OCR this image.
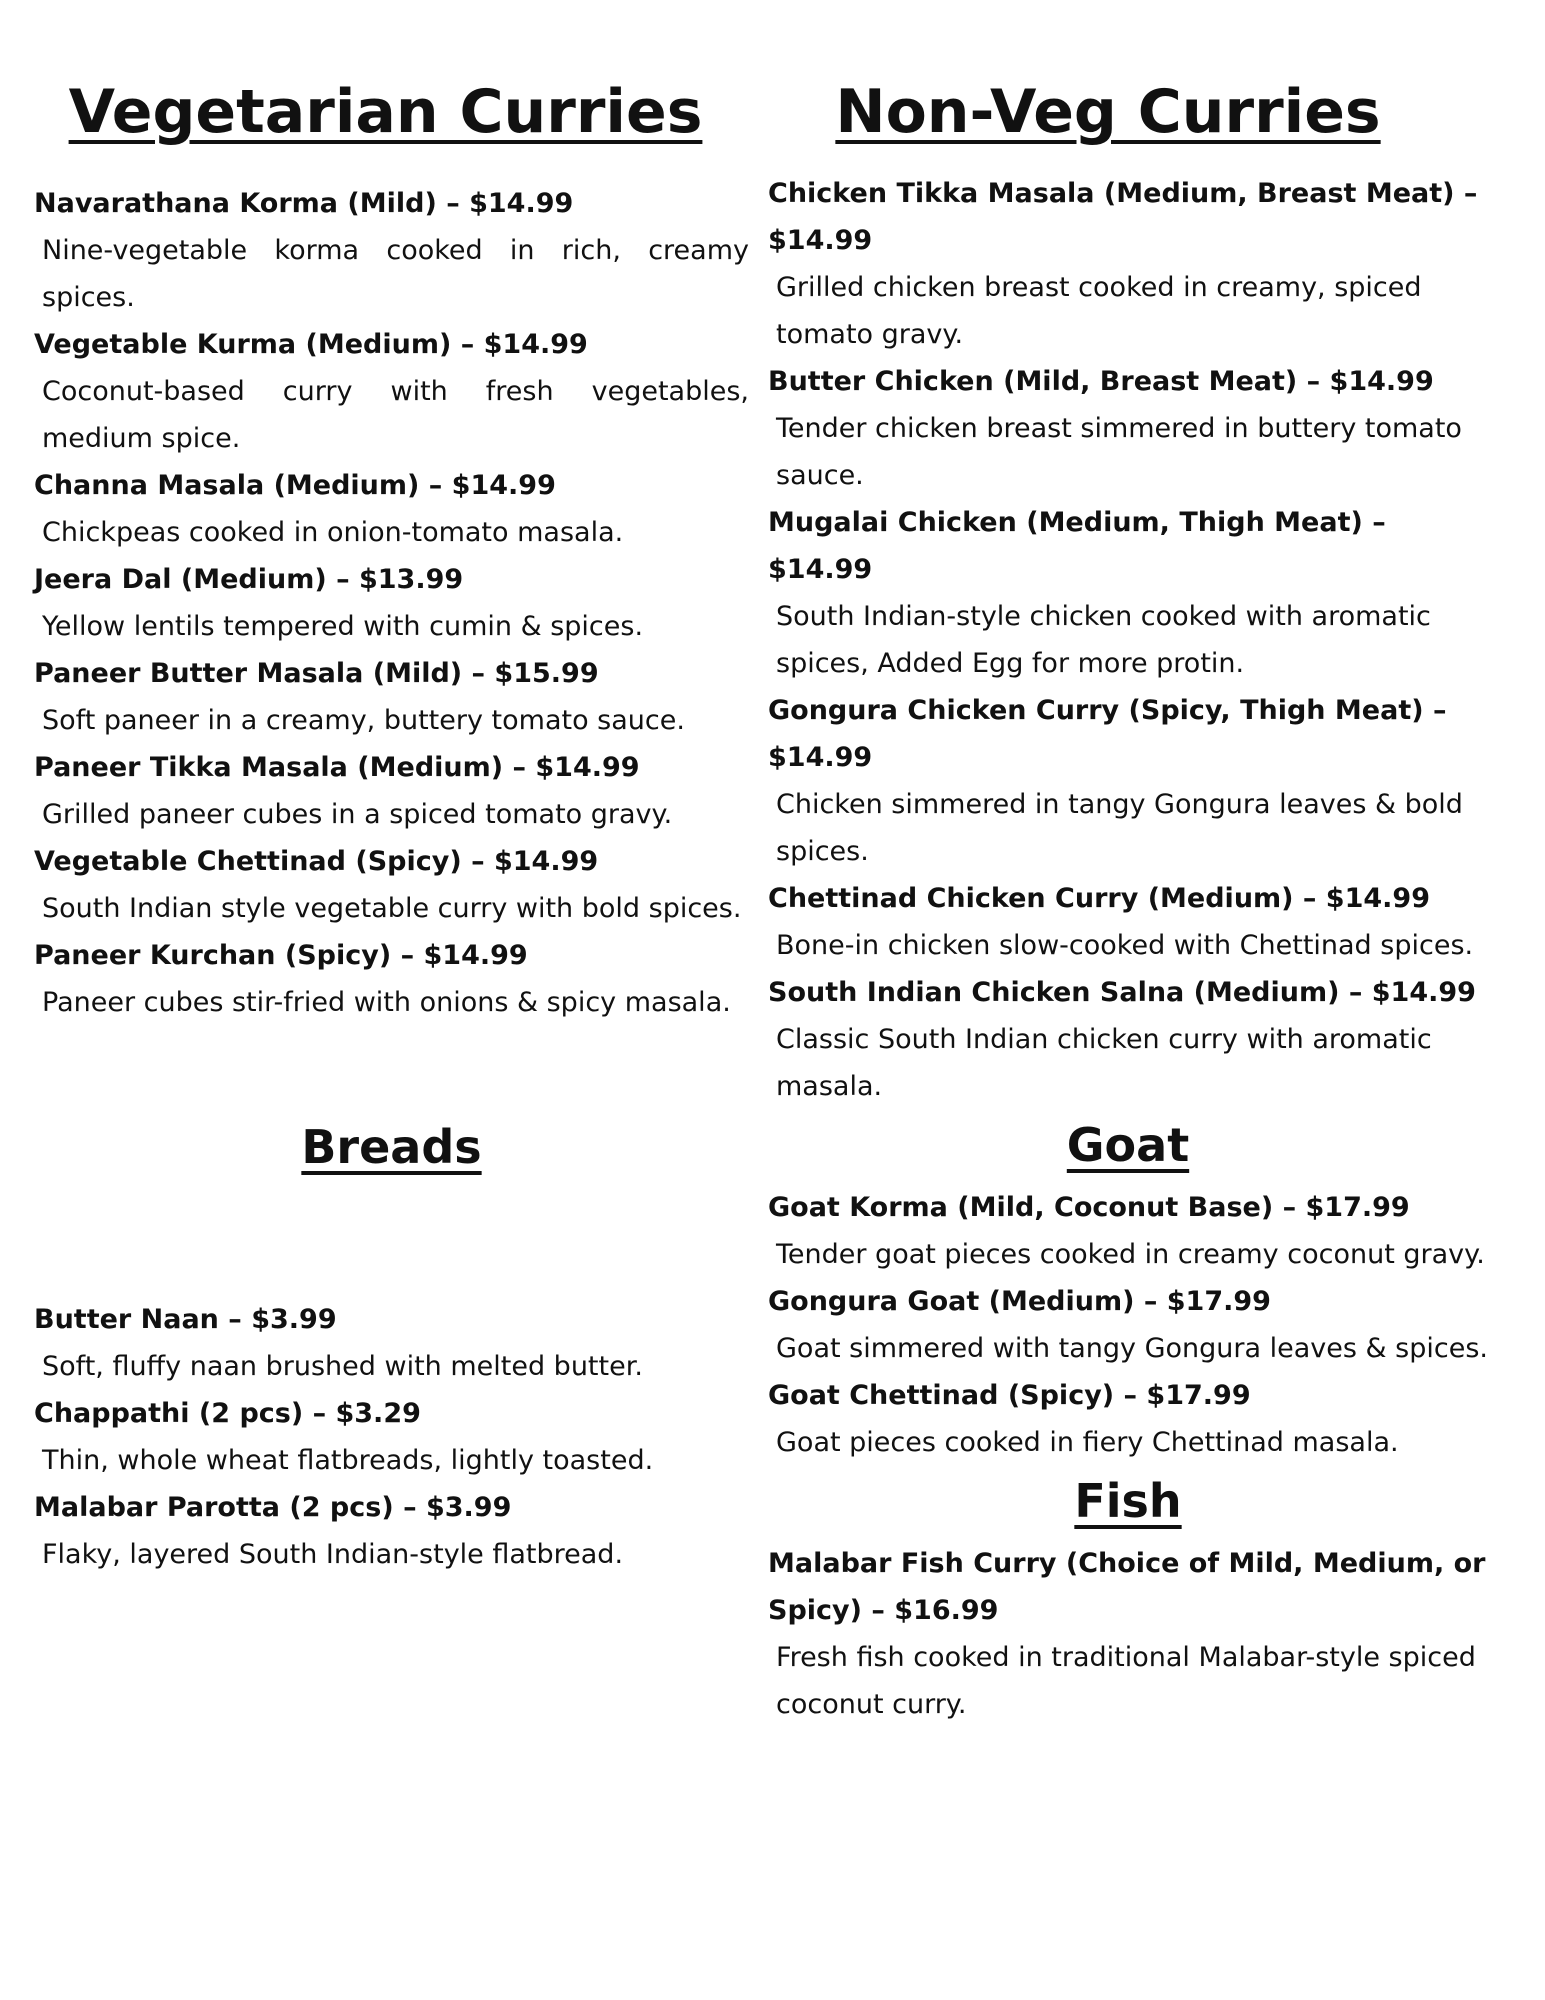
Vegetarian Curries

Navarathana Korma (Mild) – $14.99

Nine-vegetable korma cooked in rich, creamy spices.

Vegetable Kurma (Medium) – $14.99

Coconut-based curry with fresh vegetables, medium spice.

Channa Masala (Medium) – $14.99

Chickpeas cooked in onion-tomato masala.

Jeera Dal (Medium) – $13.99

Yellow lentils tempered with cumin & spices.

Paneer Butter Masala (Mild) – $15.99

Soft paneer in a creamy, buttery tomato sauce.

Paneer Tikka Masala (Medium) – $14.99

Grilled paneer cubes in a spiced tomato gravy.

Vegetable Chettinad (Spicy) – $14.99

South Indian style vegetable curry with bold spices.

Paneer Kurchan (Spicy) – $14.99

Paneer cubes stir-fried with onions & spicy masala.

Breads

Butter Naan – $3.99

Soft, fluffy naan brushed with melted butter.

Chappathi (2 pcs) – $3.29

Thin, whole wheat flatbreads, lightly toasted.

Malabar Parotta (2 pcs) – $3.99

Flaky, layered South Indian-style flatbread.

Non-Veg Curries

Chicken Tikka Masala (Medium, Breast Meat) – $14.99

Grilled chicken breast cooked in creamy, spiced tomato gravy.

Butter Chicken (Mild, Breast Meat) – $14.99

Tender chicken breast simmered in buttery tomato sauce.

Mugalai Chicken (Medium, Thigh Meat) – $14.99

South Indian-style chicken cooked with aromatic spices, Added Egg for more protin.

Gongura Chicken Curry (Spicy, Thigh Meat) – $14.99

Chicken simmered in tangy Gongura leaves & bold spices.

Chettinad Chicken Curry (Medium) – $14.99

Bone-in chicken slow-cooked with Chettinad spices.

South Indian Chicken Salna (Medium) – $14.99

Classic South Indian chicken curry with aromatic masala.

Goat

Goat Korma (Mild, Coconut Base) – $17.99

Tender goat pieces cooked in creamy coconut gravy.

Gongura Goat (Medium) – $17.99

Goat simmered with tangy Gongura leaves & spices.

Goat Chettinad (Spicy) – $17.99

Goat pieces cooked in fiery Chettinad masala.

Fish

Malabar Fish Curry (Choice of Mild, Medium, or Spicy) – $16.99

Fresh fish cooked in traditional Malabar-style spiced coconut curry.
